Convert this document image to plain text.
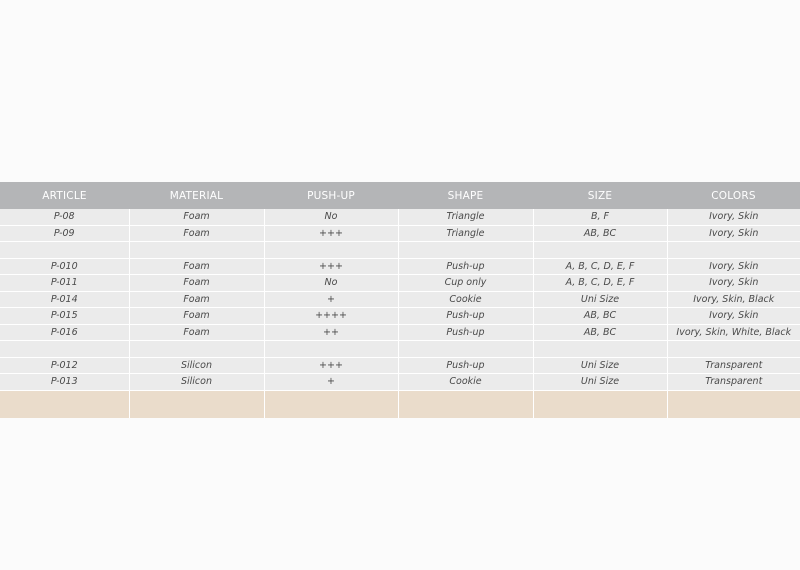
ARTICLE	MATERIAL	PUSH-UP	SHAPE	SIZE	COLORS
P-08	Foam	No	Triangle	B, F	Ivory, Skin
P-09	Foam	+++	Triangle	AB, BC	Ivory, Skin

P-010	Foam	+++	Push-up	A, B, C, D, E, F	Ivory, Skin
P-011	Foam	No	Cup only	A, B, C, D, E, F	Ivory, Skin
P-014	Foam	+	Cookie	Uni Size	Ivory, Skin, Black
P-015	Foam	++++	Push-up	AB, BC	Ivory, Skin
P-016	Foam	++	Push-up	AB, BC	Ivory, Skin, White, Black

P-012	Silicon	+++	Push-up	Uni Size	Transparent
P-013	Silicon	+	Cookie	Uni Size	Transparent
